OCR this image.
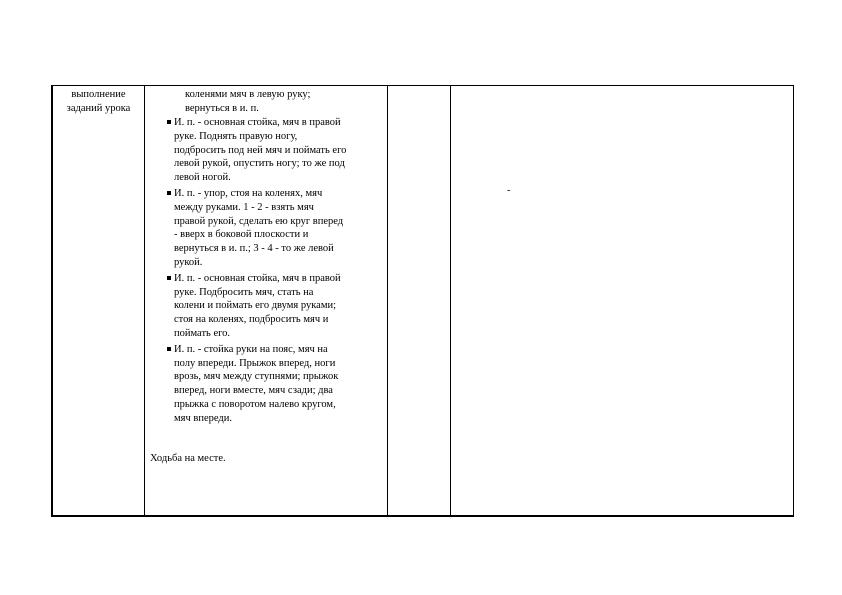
выполнение
заданий урока
коленями мяч в левую руку;
вернуться в и. п.
И. п. - основная стойка, мяч в правой
руке. Поднять правую ногу,
подбросить под ней мяч и поймать его
левой рукой, опустить ногу; то же под
левой ногой.
И. п. - упор, стоя на коленях, мяч
между руками. 1 - 2 - взять мяч
правой рукой, сделать ею круг вперед
- вверх в боковой плоскости и
вернуться в и. п.; 3 - 4 - то же левой
рукой.
И. п. - основная стойка, мяч в правой
руке. Подбросить мяч, стать на
колени и поймать его двумя руками;
стоя на коленях, подбросить мяч и
поймать его.
И. п. - стойка руки на пояс, мяч на
полу впереди. Прыжок вперед, ноги
врозь, мяч между ступнями; прыжок
вперед, ноги вместе, мяч сзади; два
прыжка с поворотом налево кругом,
мяч впереди.
Ходьба на месте.
-
